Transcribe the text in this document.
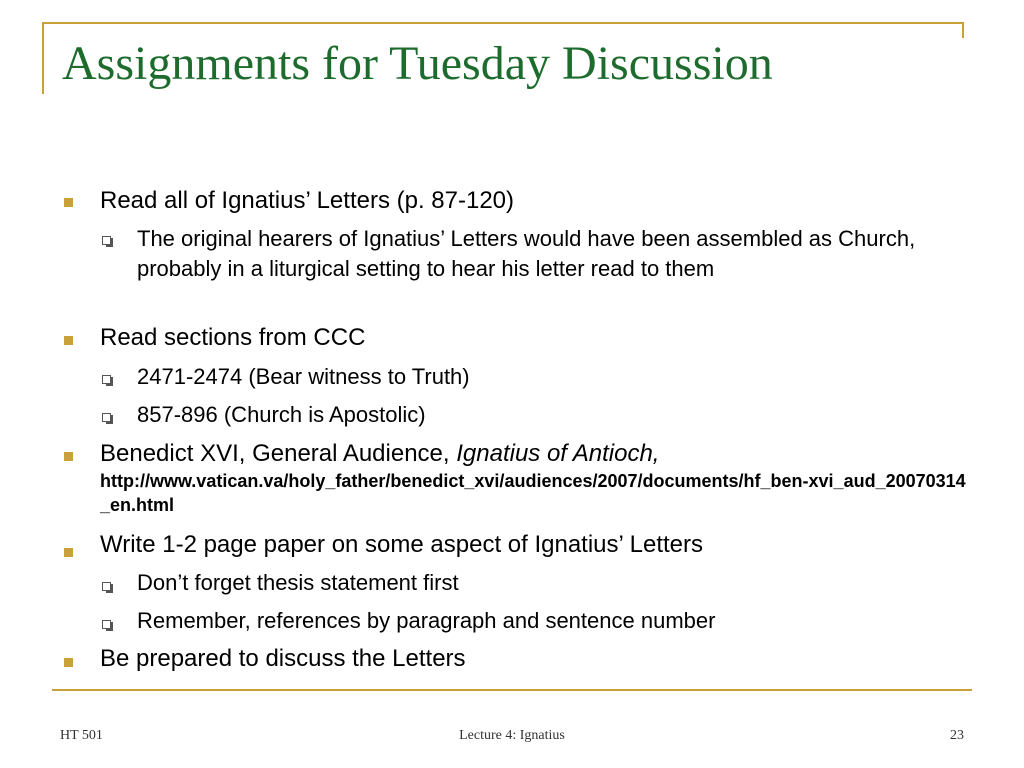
Assignments for Tuesday Discussion
Read all of Ignatius’ Letters (p. 87-120)
The original hearers of Ignatius’ Letters would have been assembled as Church, probably in a liturgical setting to hear his letter read to them
Read sections from CCC
2471-2474 (Bear witness to Truth)
857-896 (Church is Apostolic)
Benedict XVI, General Audience, Ignatius of Antioch,
http://www.vatican.va/holy_father/benedict_xvi/audiences/2007/documents/hf_ben-xvi_aud_20070314_en.html
Write 1-2 page paper on some aspect of Ignatius’ Letters
Don’t forget thesis statement first
Remember, references by paragraph and sentence number
Be prepared to discuss the Letters
HT 501	Lecture 4: Ignatius	23
